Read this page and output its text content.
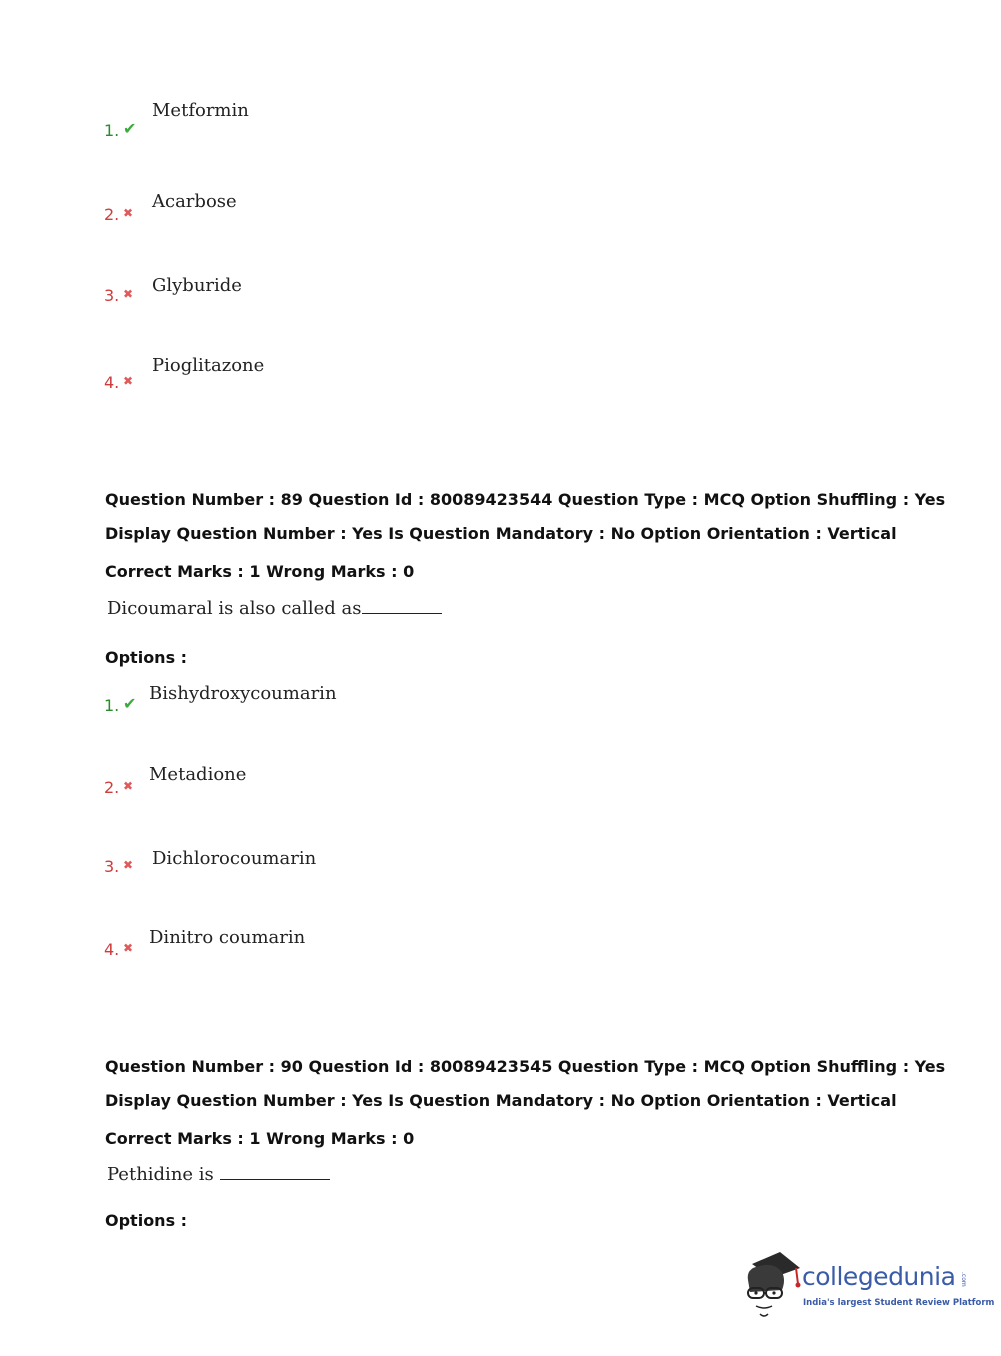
1. ✔
Metformin
2. ✖
Acarbose
3. ✖ Glyburide
4. ✖
Pioglitazone
Question Number : 89 Question Id : 80089423544 Question Type : MCQ Option Shuffling : Yes
Display Question Number : Yes Is Question Mandatory : No Option Orientation : Vertical
Correct Marks : 1 Wrong Marks : 0
Dicoumaral is also called as
Options :
1. ✔ Bishydroxycoumarin
2. ✖
Metadione
3. ✖ Dichlorocoumarin
4. ✖ Dinitro coumarin
Question Number : 90 Question Id : 80089423545 Question Type : MCQ Option Shuffling : Yes
Display Question Number : Yes Is Question Mandatory : No Option Orientation : Vertical
Correct Marks : 1 Wrong Marks : 0
Pethidine is
Options :
collegedunia .com
India's largest Student Review Platform
